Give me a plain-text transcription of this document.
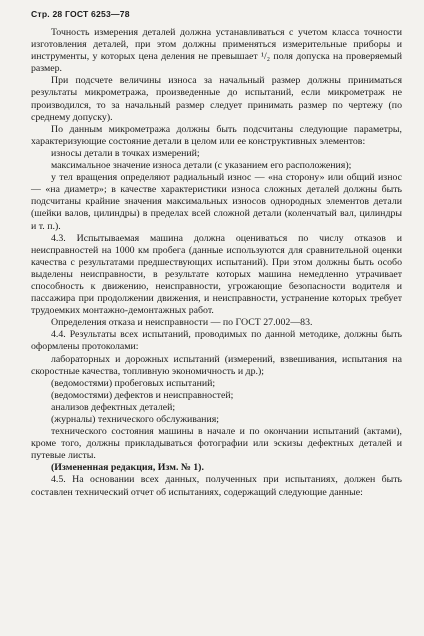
Стр. 28 ГОСТ 6253—78

Точность измерения деталей должна устанавливаться с учетом класса точности изготовления деталей, при этом должны применяться измерительные приборы и инструменты, у которых цена деления не превышает ¹/₂ поля допуска на проверяемый размер.

При подсчете величины износа за начальный размер должны приниматься результаты микрометража, произведенные до испытаний, если микрометраж не производился, то за начальный размер следует принимать размер по чертежу (по среднему допуску).

По данным микрометража должны быть подсчитаны следующие параметры, характеризующие состояние детали в целом или ее конструктивных элементов:

износы детали в точках измерений;

максимальное значение износа детали (с указанием его расположения);

у тел вращения определяют радиальный износ — «на сторону» или общий износ — «на диаметр»; в качестве характеристики износа сложных деталей должны быть подсчитаны крайние значения максимальных износов однородных элементов детали (шейки валов, цилиндры) в пределах всей сложной детали (коленчатый вал, цилиндры и т. п.).

4.3. Испытываемая машина должна оцениваться по числу отказов и неисправностей на 1000 км пробега (данные используются для сравнительной оценки качества с результатами предшествующих испытаний). При этом должны быть особо выделены неисправности, в результате которых машина немедленно утрачивает способность к движению, неисправности, угрожающие безопасности водителя и пассажира при продолжении движения, и неисправности, устранение которых требует трудоемких монтажно-демонтажных работ.

Определения отказа и неисправности — по ГОСТ 27.002—83.

4.4. Результаты всех испытаний, проводимых по данной методике, должны быть оформлены протоколами:

лабораторных и дорожных испытаний (измерений, взвешивания, испытания на скоростные качества, топливную экономичность и др.);

(ведомостями) пробеговых испытаний;

(ведомостями) дефектов и неисправностей;

анализов дефектных деталей;

(журналы) технического обслуживания;

технического состояния машины в начале и по окончании испытаний (актами), кроме того, должны прикладываться фотографии или эскизы дефектных деталей и путевые листы.

(Измененная редакция, Изм. № 1).

4.5. На основании всех данных, полученных при испытаниях, должен быть составлен технический отчет об испытаниях, содержащий следующие данные:
